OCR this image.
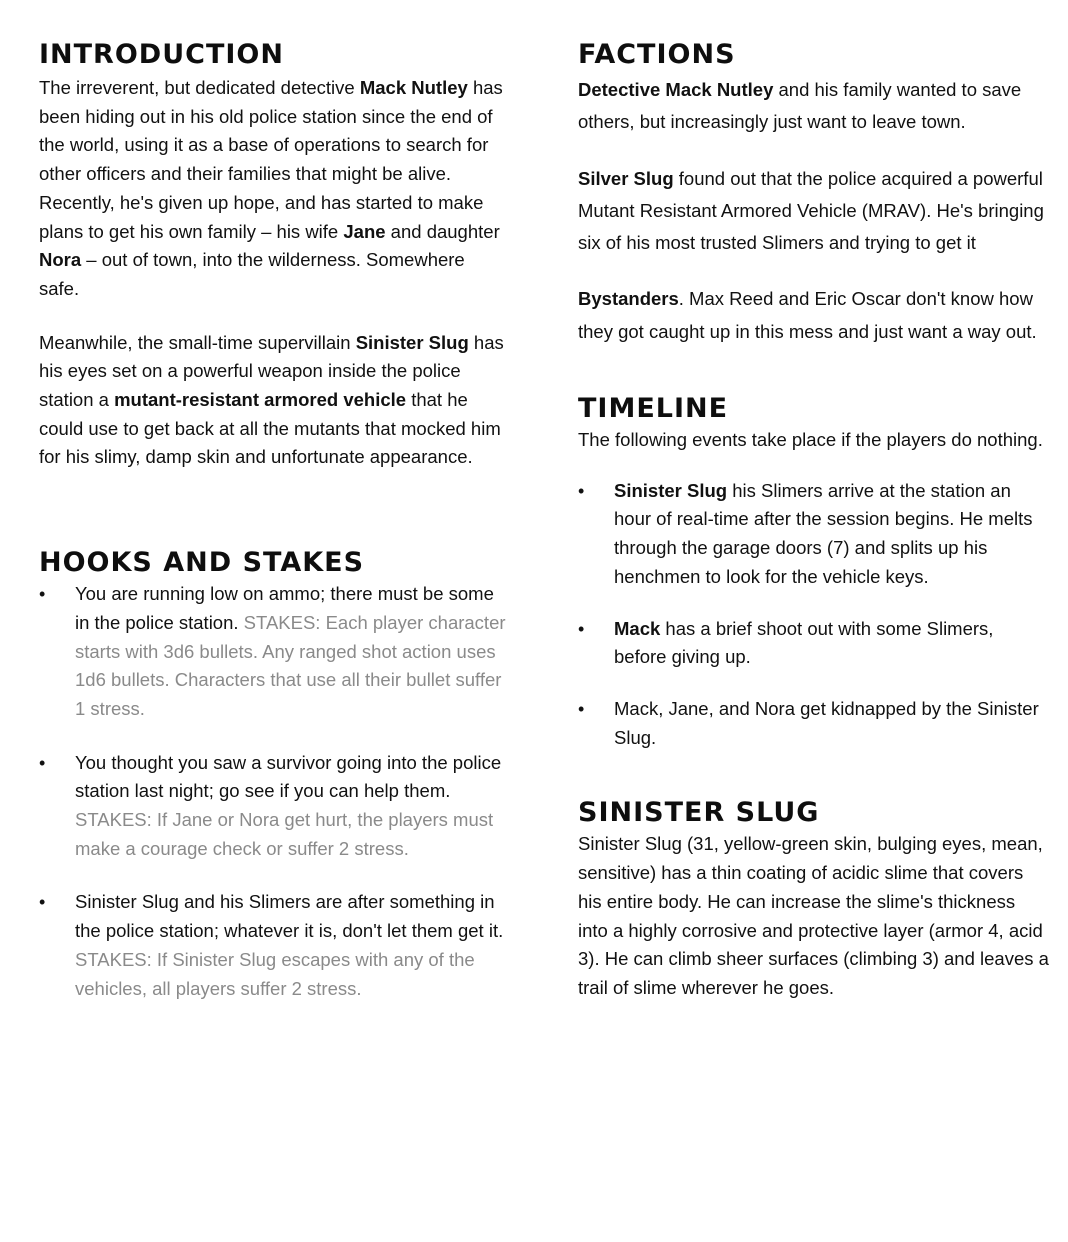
INTRODUCTION

The irreverent, but dedicated detective Mack Nutley has been hiding out in his old police station since the end of the world, using it as a base of operations to search for other officers and their families that might be alive. Recently, he's given up hope, and has started to make plans to get his own family – his wife Jane and daughter Nora – out of town, into the wilderness. Somewhere safe.

Meanwhile, the small-time supervillain Sinister Slug has his eyes set on a powerful weapon inside the police station a mutant-resistant armored vehicle that he could use to get back at all the mutants that mocked him for his slimy, damp skin and unfortunate appearance.

HOOKS AND STAKES
• You are running low on ammo; there must be some in the police station. STAKES: Each player character starts with 3d6 bullets. Any ranged shot action uses 1d6 bullets. Characters that use all their bullet suffer 1 stress.
• You thought you saw a survivor going into the police station last night; go see if you can help them. STAKES: If Jane or Nora get hurt, the players must make a courage check or suffer 2 stress.
• Sinister Slug and his Slimers are after something in the police station; whatever it is, don't let them get it. STAKES: If Sinister Slug escapes with any of the vehicles, all players suffer 2 stress.
FACTIONS

Detective Mack Nutley and his family wanted to save others, but increasingly just want to leave town.

Silver Slug found out that the police acquired a powerful Mutant Resistant Armored Vehicle (MRAV). He's bringing six of his most trusted Slimers and trying to get it

Bystanders. Max Reed and Eric Oscar don't know how they got caught up in this mess and just want a way out.

TIMELINE

The following events take place if the players do nothing.

• Sinister Slug his Slimers arrive at the station an hour of real-time after the session begins. He melts through the garage doors (7) and splits up his henchmen to look for the vehicle keys.
• Mack has a brief shoot out with some Slimers, before giving up.
• Mack, Jane, and Nora get kidnapped by the Sinister Slug.
SINISTER SLUG

Sinister Slug (31, yellow-green skin, bulging eyes, mean, sensitive) has a thin coating of acidic slime that covers his entire body. He can increase the slime's thickness into a highly corrosive and protective layer (armor 4, acid 3). He can climb sheer surfaces (climbing 3) and leaves a trail of slime wherever he goes.
